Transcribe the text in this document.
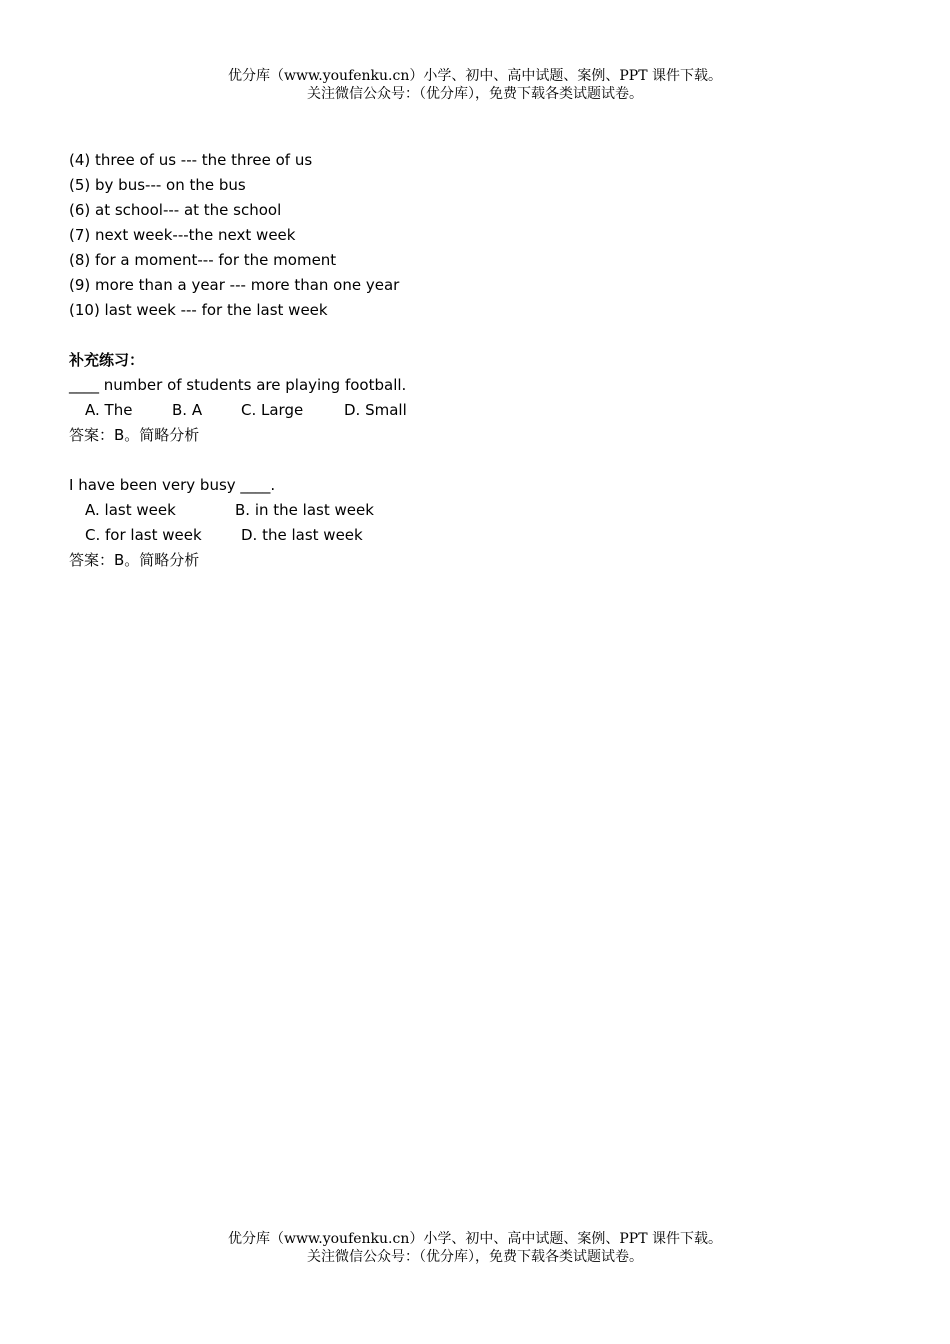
优分库（www.youfenku.cn）小学、初中、高中试题、案例、PPT 课件下载。
关注微信公众号：（优分库），免费下载各类试题试卷。
(4) three of us --- the three of us
(5) by bus--- on the bus
(6) at school--- at the school
(7) next week---the next week
(8) for a moment--- for the moment
(9) more than a year --- more than one year
(10) last week --- for the last week
补充练习：
____ number of students are playing football.
A. The	B. A	C. Large	D. Small
答案：B。简略分析
I have been very busy ____.
A. last week	B. in the last week
C. for last week	D. the last week
答案：B。简略分析
优分库（www.youfenku.cn）小学、初中、高中试题、案例、PPT 课件下载。
关注微信公众号：（优分库），免费下载各类试题试卷。
